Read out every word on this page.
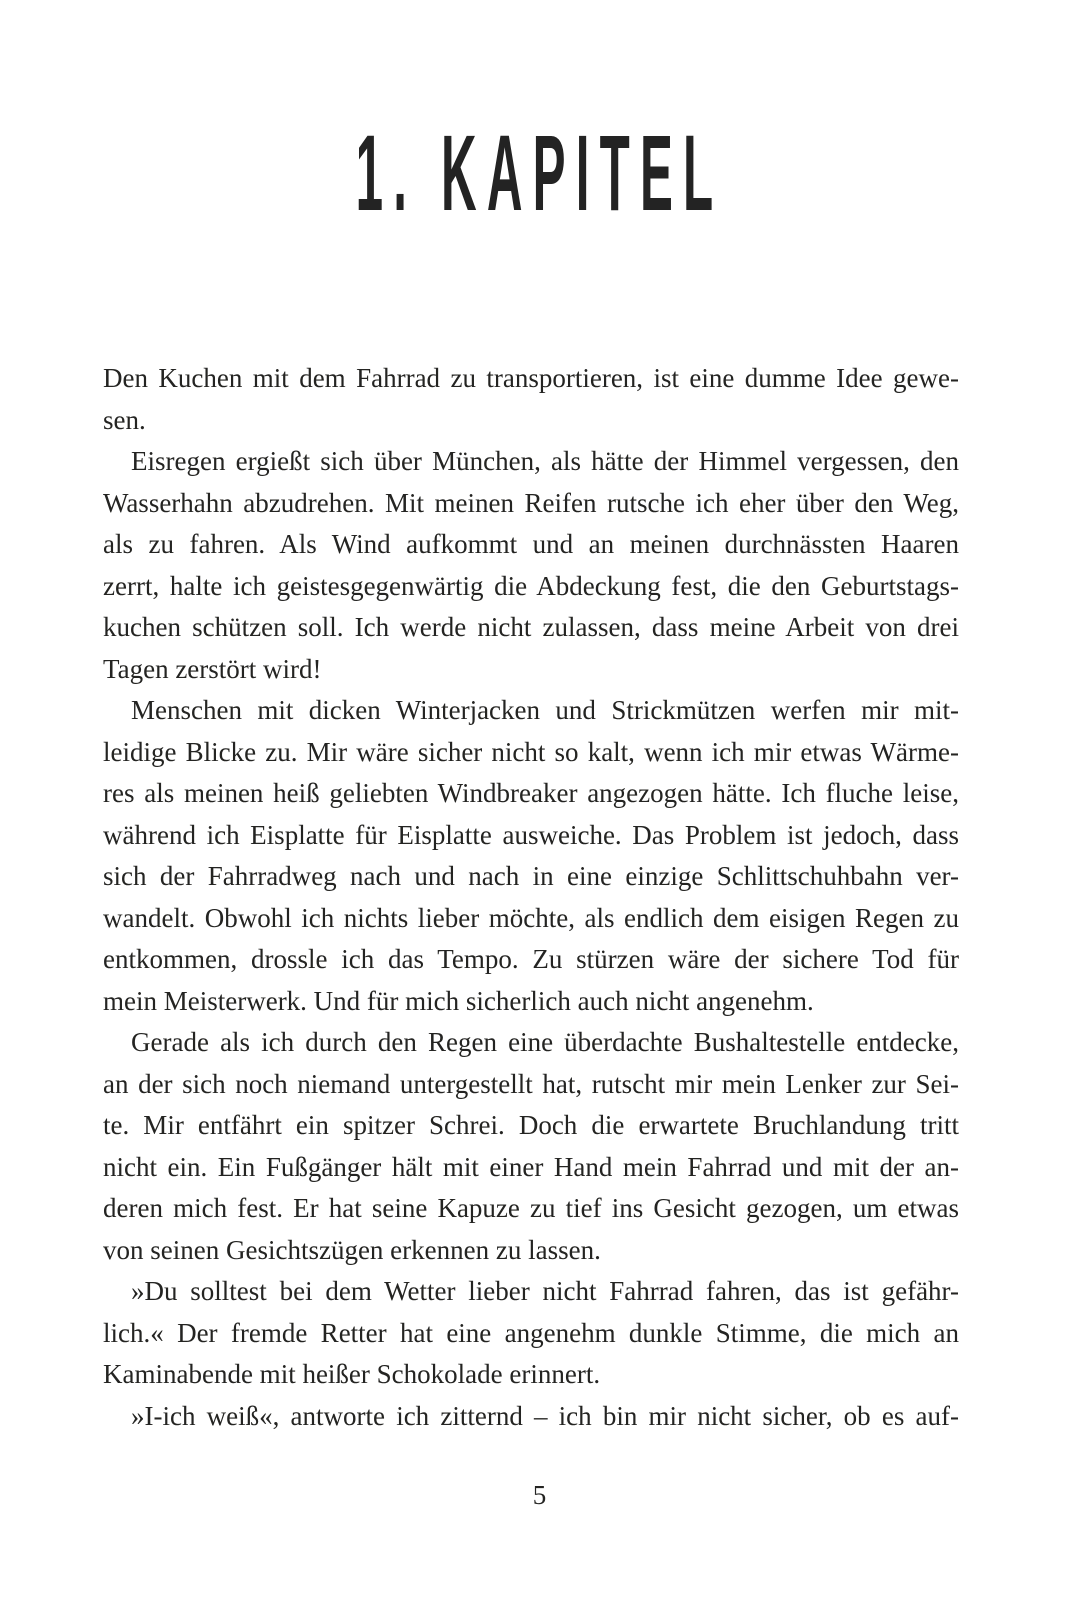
1. KAPITEL
Den Kuchen mit dem Fahrrad zu transportieren, ist eine dumme Idee gewe-
sen.
Eisregen ergießt sich über München, als hätte der Himmel vergessen, den
Wasserhahn abzudrehen. Mit meinen Reifen rutsche ich eher über den Weg,
als zu fahren. Als Wind aufkommt und an meinen durchnässten Haaren
zerrt, halte ich geistesgegenwärtig die Abdeckung fest, die den Geburtstags-
kuchen schützen soll. Ich werde nicht zulassen, dass meine Arbeit von drei
Tagen zerstört wird!
Menschen mit dicken Winterjacken und Strickmützen werfen mir mit-
leidige Blicke zu. Mir wäre sicher nicht so kalt, wenn ich mir etwas Wärme-
res als meinen heiß geliebten Windbreaker angezogen hätte. Ich fluche leise,
während ich Eisplatte für Eisplatte ausweiche. Das Problem ist jedoch, dass
sich der Fahrradweg nach und nach in eine einzige Schlittschuhbahn ver-
wandelt. Obwohl ich nichts lieber möchte, als endlich dem eisigen Regen zu
entkommen, drossle ich das Tempo. Zu stürzen wäre der sichere Tod für
mein Meisterwerk. Und für mich sicherlich auch nicht angenehm.
Gerade als ich durch den Regen eine überdachte Bushaltestelle entdecke,
an der sich noch niemand untergestellt hat, rutscht mir mein Lenker zur Sei-
te. Mir entfährt ein spitzer Schrei. Doch die erwartete Bruchlandung tritt
nicht ein. Ein Fußgänger hält mit einer Hand mein Fahrrad und mit der an-
deren mich fest. Er hat seine Kapuze zu tief ins Gesicht gezogen, um etwas
von seinen Gesichtszügen erkennen zu lassen.
»Du solltest bei dem Wetter lieber nicht Fahrrad fahren, das ist gefähr-
lich.« Der fremde Retter hat eine angenehm dunkle Stimme, die mich an
Kaminabende mit heißer Schokolade erinnert.
»I-ich weiß«, antworte ich zitternd – ich bin mir nicht sicher, ob es auf-
5
